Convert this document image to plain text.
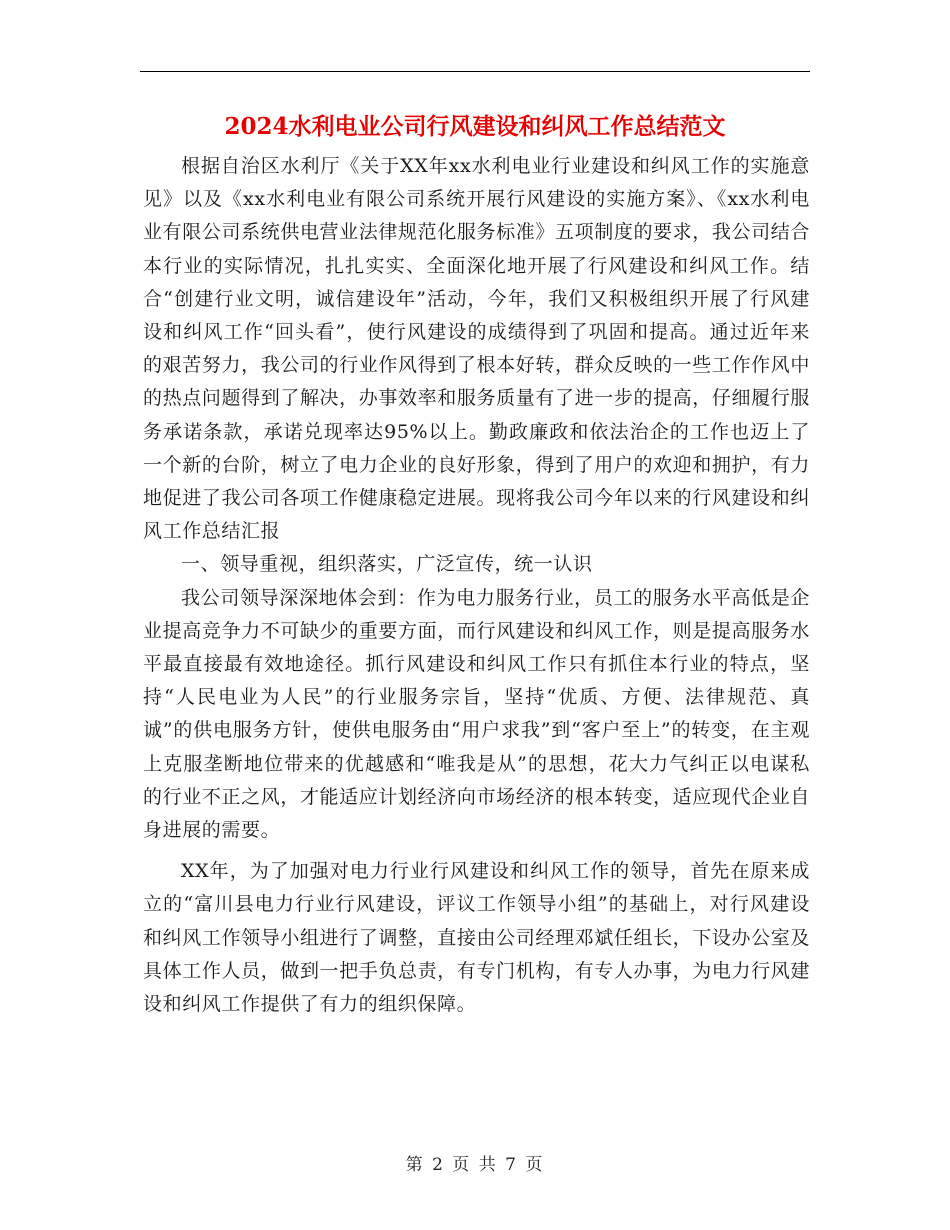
2024水利电业公司行风建设和纠风工作总结范文

根据自治区水利厅《关于XX年xx水利电业行业建设和纠风工作的实施意见》以及《xx水利电业有限公司系统开展行风建设的实施方案》、《xx水利电业有限公司系统供电营业法律规范化服务标准》五项制度的要求，我公司结合本行业的实际情况，扎扎实实、全面深化地开展了行风建设和纠风工作。结合“创建行业文明，诚信建设年”活动，今年，我们又积极组织开展了行风建设和纠风工作“回头看”，使行风建设的成绩得到了巩固和提高。通过近年来的艰苦努力，我公司的行业作风得到了根本好转，群众反映的一些工作作风中的热点问题得到了解决，办事效率和服务质量有了进一步的提高，仔细履行服务承诺条款，承诺兑现率达95%以上。勤政廉政和依法治企的工作也迈上了一个新的台阶，树立了电力企业的良好形象，得到了用户的欢迎和拥护，有力地促进了我公司各项工作健康稳定进展。现将我公司今年以来的行风建设和纠风工作总结汇报

一、领导重视，组织落实，广泛宣传，统一认识

我公司领导深深地体会到：作为电力服务行业，员工的服务水平高低是企业提高竞争力不可缺少的重要方面，而行风建设和纠风工作，则是提高服务水平最直接最有效地途径。抓行风建设和纠风工作只有抓住本行业的特点，坚持“人民电业为人民”的行业服务宗旨，坚持“优质、方便、法律规范、真诚”的供电服务方针，使供电服务由“用户求我”到“客户至上”的转变，在主观上克服垄断地位带来的优越感和“唯我是从”的思想，花大力气纠正以电谋私的行业不正之风，才能适应计划经济向市场经济的根本转变，适应现代企业自身进展的需要。

XX年，为了加强对电力行业行风建设和纠风工作的领导，首先在原来成立的“富川县电力行业行风建设，评议工作领导小组”的基础上，对行风建设和纠风工作领导小组进行了调整，直接由公司经理邓斌任组长，下设办公室及具体工作人员，做到一把手负总责，有专门机构，有专人办事，为电力行风建设和纠风工作提供了有力的组织保障。

第 2 页 共 7 页
